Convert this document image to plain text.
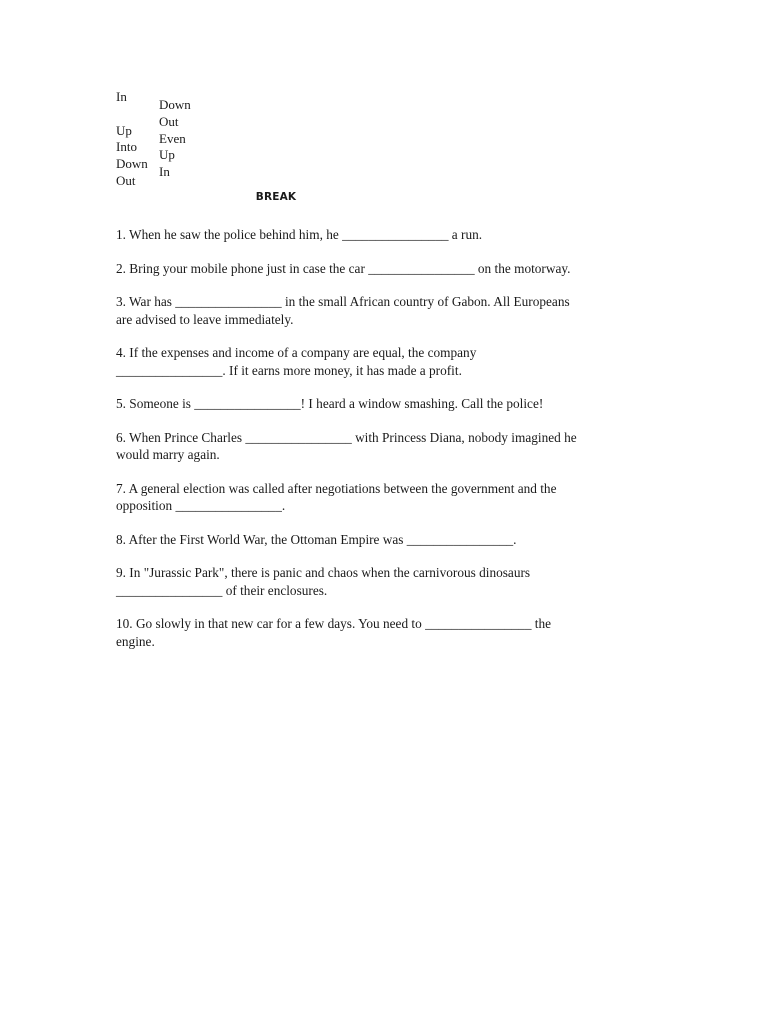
In
Up
Into
Down
Out
Down
Out
Even
Up
In
BREAK

1. When he saw the police behind him, he ________________ a run.

2. Bring your mobile phone just in case the car ________________ on the motorway.

3. War has ________________ in the small African country of Gabon. All Europeans
are advised to leave immediately.

4. If the expenses and income of a company are equal, the company
________________. If it earns more money, it has made a profit.

5. Someone is ________________! I heard a window smashing. Call the police!

6. When Prince Charles ________________ with Princess Diana, nobody imagined he
would marry again.

7. A general election was called after negotiations between the government and the
opposition ________________.

8. After the First World War, the Ottoman Empire was ________________.

9. In "Jurassic Park", there is panic and chaos when the carnivorous dinosaurs
________________ of their enclosures.

10. Go slowly in that new car for a few days. You need to ________________ the
engine.
